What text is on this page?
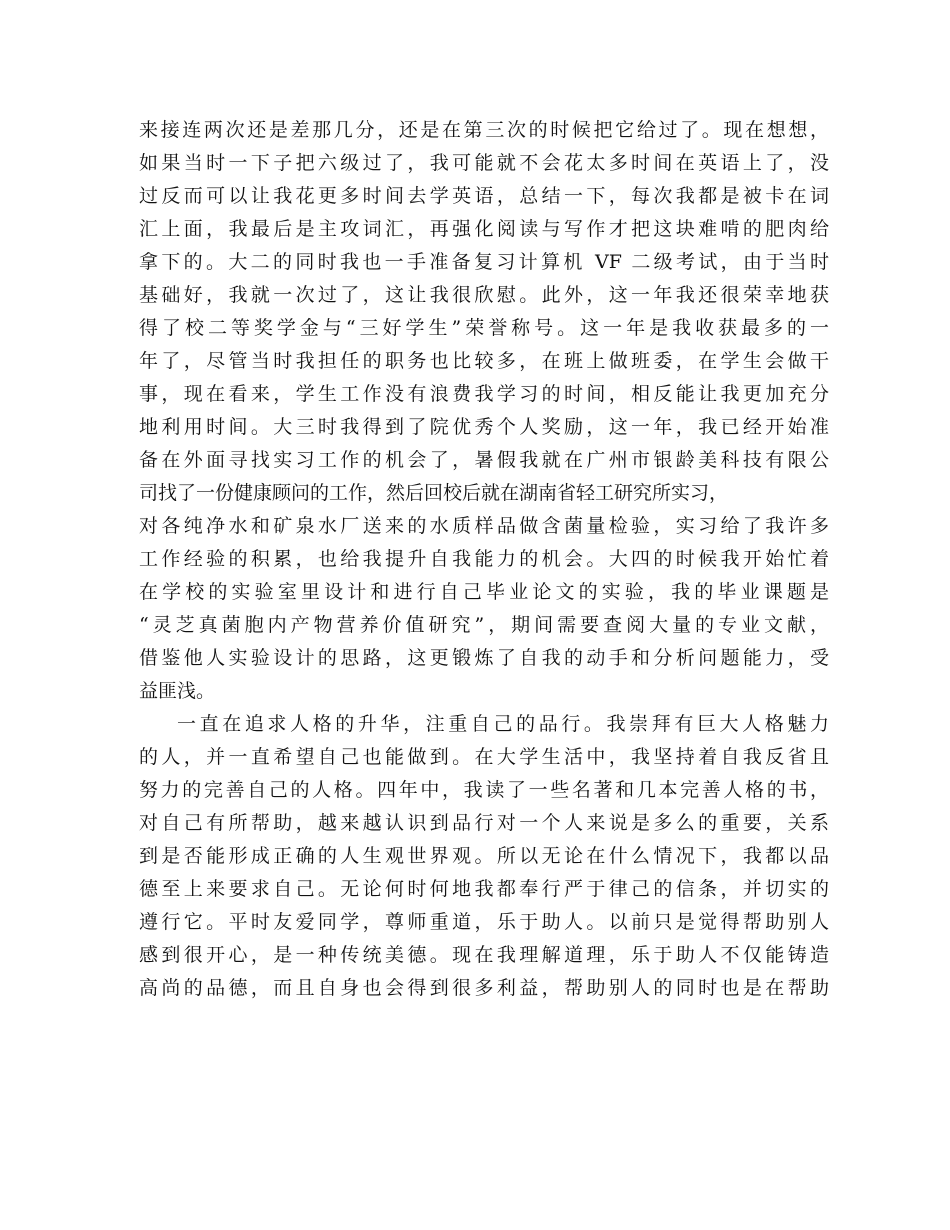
来接连两次还是差那几分，还是在第三次的时候把它给过了。现在想想，
如果当时一下子把六级过了，我可能就不会花太多时间在英语上了，没
过反而可以让我花更多时间去学英语，总结一下，每次我都是被卡在词
汇上面，我最后是主攻词汇，再强化阅读与写作才把这块难啃的肥肉给
拿下的。大二的同时我也一手准备复习计算机 VF 二级考试，由于当时
基础好，我就一次过了，这让我很欣慰。此外，这一年我还很荣幸地获
得了校二等奖学金与“三好学生”荣誉称号。这一年是我收获最多的一
年了，尽管当时我担任的职务也比较多，在班上做班委，在学生会做干
事，现在看来，学生工作没有浪费我学习的时间，相反能让我更加充分
地利用时间。大三时我得到了院优秀个人奖励，这一年，我已经开始准
备在外面寻找实习工作的机会了，暑假我就在广州市银龄美科技有限公
司找了一份健康顾问的工作，然后回校后就在湖南省轻工研究所实习，
对各纯净水和矿泉水厂送来的水质样品做含菌量检验，实习给了我许多
工作经验的积累，也给我提升自我能力的机会。大四的时候我开始忙着
在学校的实验室里设计和进行自己毕业论文的实验，我的毕业课题是
“灵芝真菌胞内产物营养价值研究”，期间需要查阅大量的专业文献，
借鉴他人实验设计的思路，这更锻炼了自我的动手和分析问题能力，受
益匪浅。
一直在追求人格的升华，注重自己的品行。我崇拜有巨大人格魅力
的人，并一直希望自己也能做到。在大学生活中，我坚持着自我反省且
努力的完善自己的人格。四年中，我读了一些名著和几本完善人格的书，
对自己有所帮助，越来越认识到品行对一个人来说是多么的重要，关系
到是否能形成正确的人生观世界观。所以无论在什么情况下，我都以品
德至上来要求自己。无论何时何地我都奉行严于律己的信条，并切实的
遵行它。平时友爱同学，尊师重道，乐于助人。以前只是觉得帮助别人
感到很开心，是一种传统美德。现在我理解道理，乐于助人不仅能铸造
高尚的品德，而且自身也会得到很多利益，帮助别人的同时也是在帮助
